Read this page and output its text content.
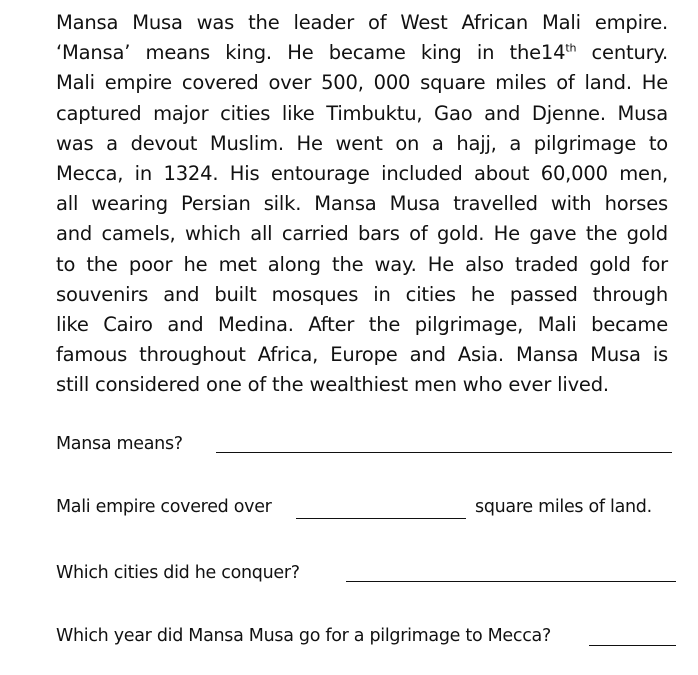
Mansa Musa was the leader of West African Mali empire.
‘Mansa’ means king. He became king in the14th century.
Mali empire covered over 500, 000 square miles of land. He
captured major cities like Timbuktu, Gao and Djenne. Musa
was a devout Muslim. He went on a hajj, a pilgrimage to
Mecca, in 1324. His entourage included about 60,000 men,
all wearing Persian silk. Mansa Musa travelled with horses
and camels, which all carried bars of gold. He gave the gold
to the poor he met along the way. He also traded gold for
souvenirs and built mosques in cities he passed through
like Cairo and Medina. After the pilgrimage, Mali became
famous throughout Africa, Europe and Asia. Mansa Musa is
still considered one of the wealthiest men who ever lived.
Mansa means?
Mali empire covered over	square miles of land.
Which cities did he conquer?
Which year did Mansa Musa go for a pilgrimage to Mecca?
